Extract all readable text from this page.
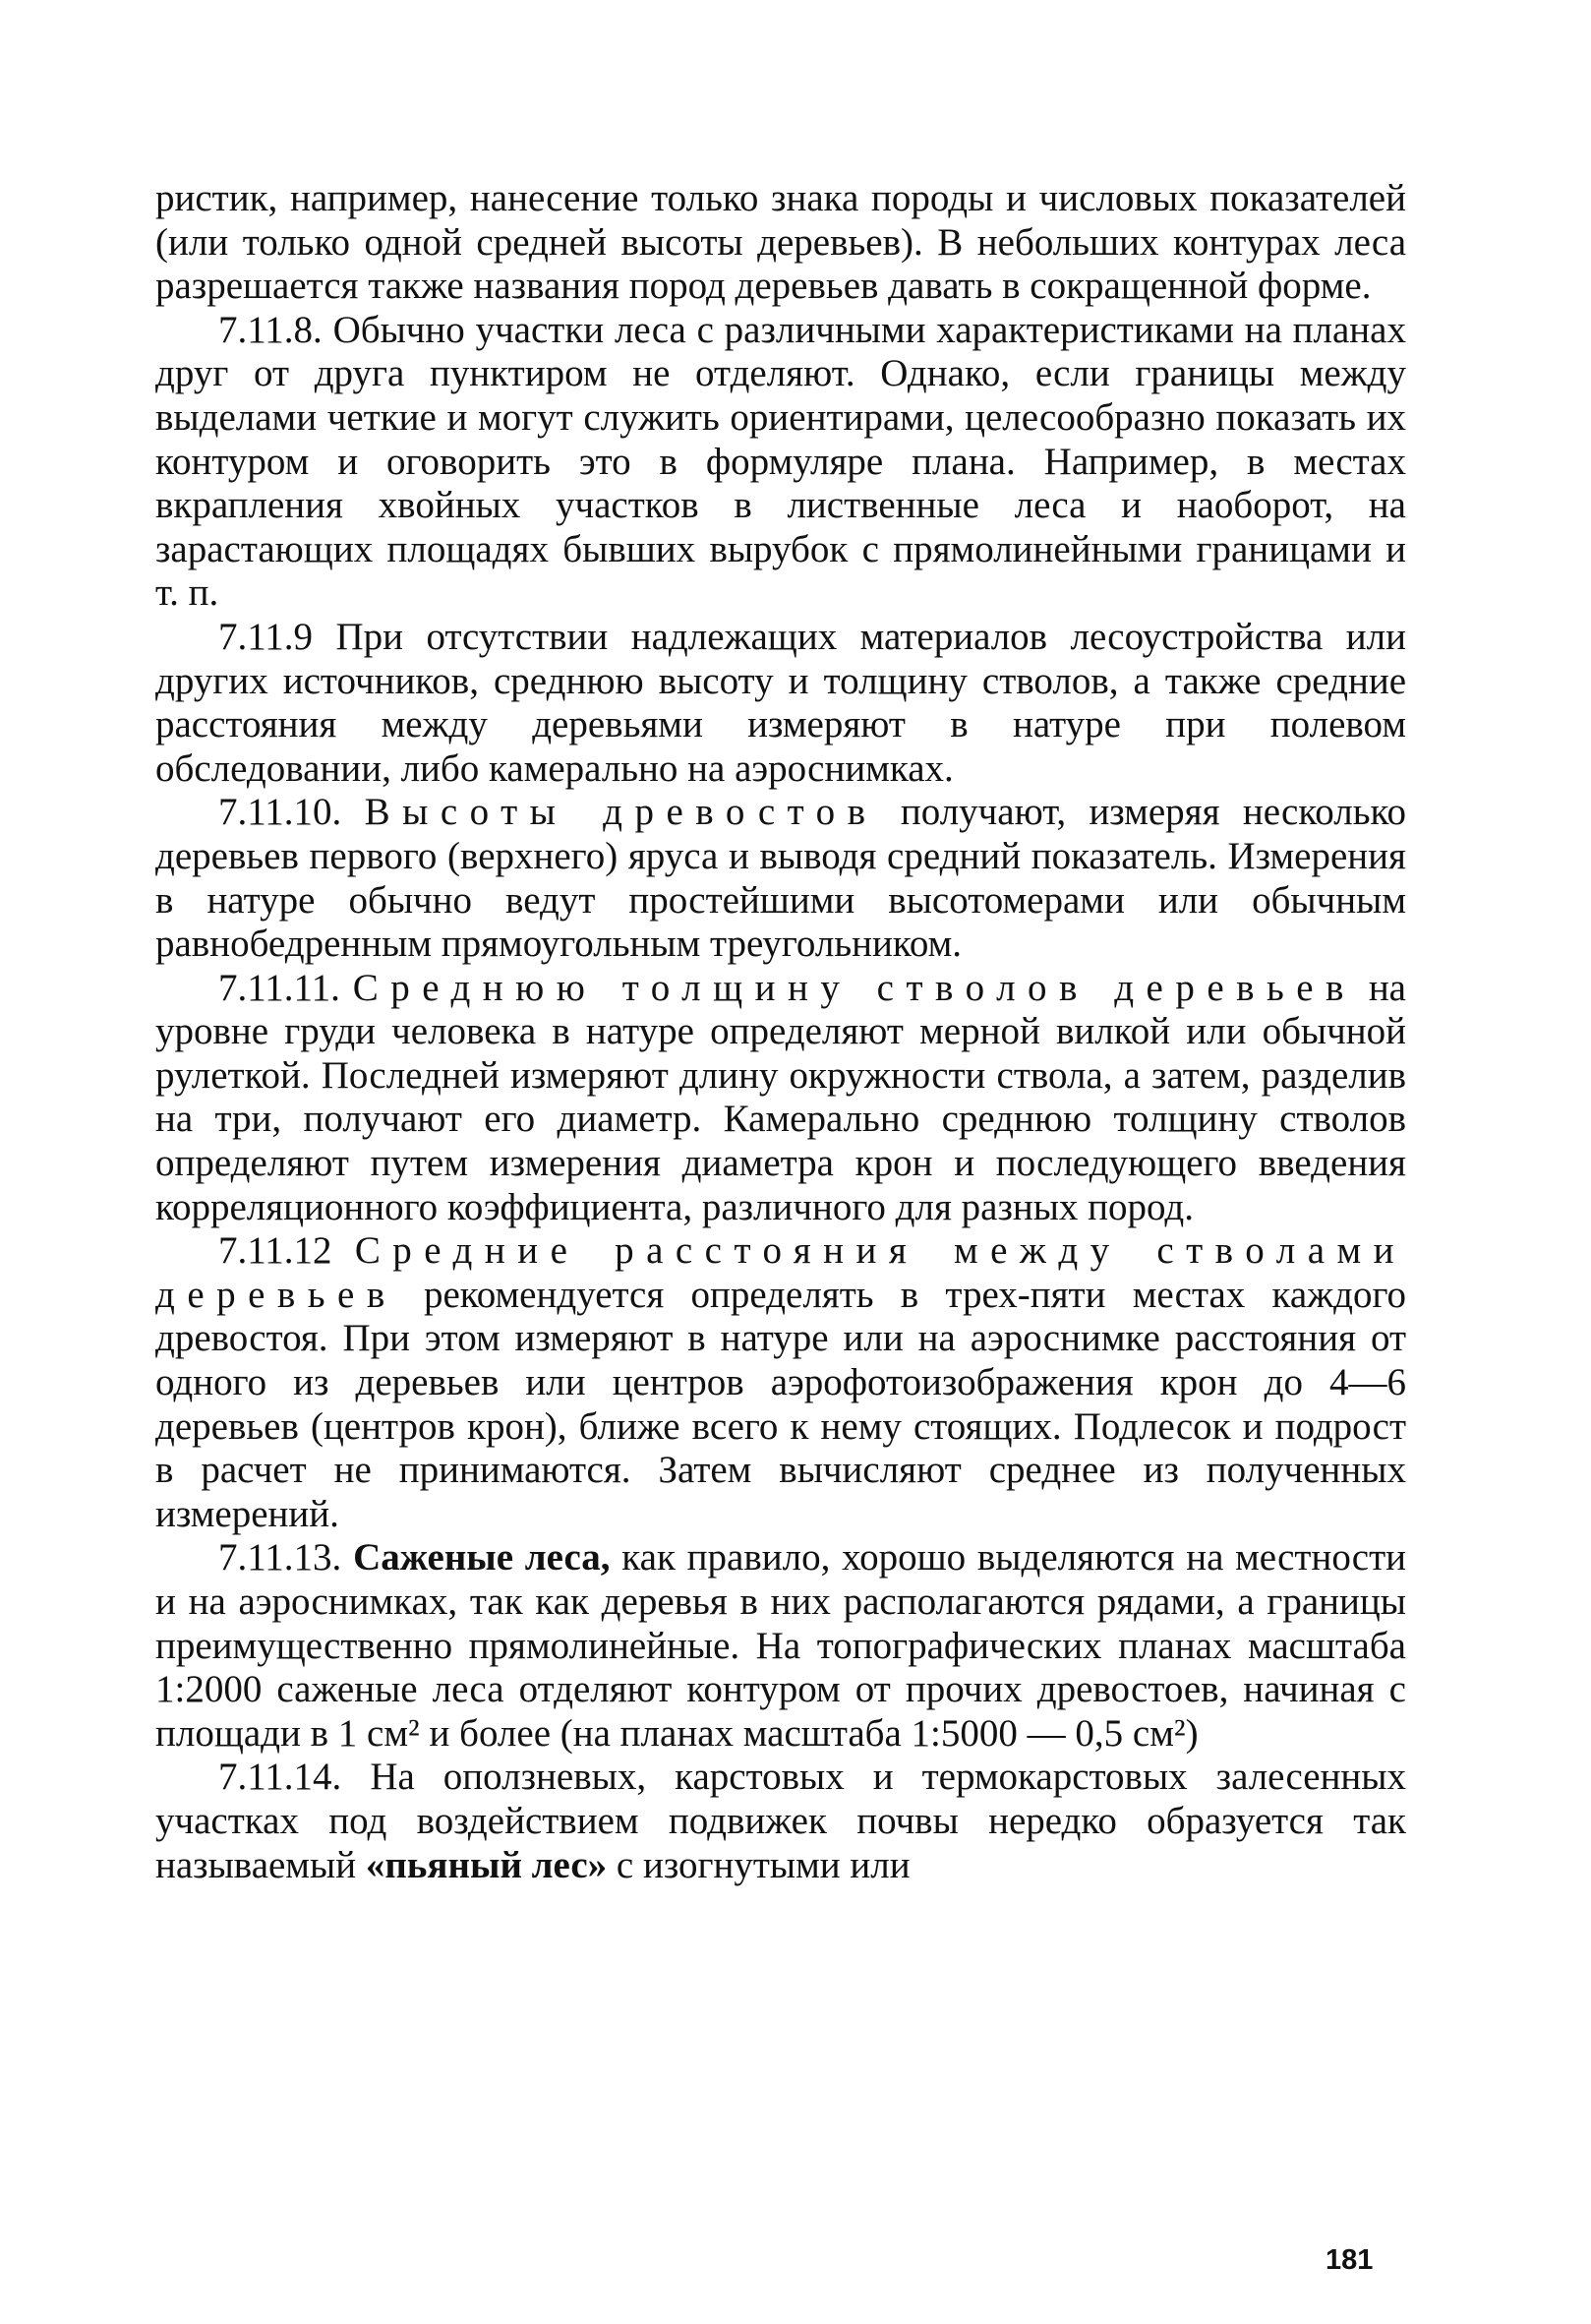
ристик, например, нанесение только знака породы и числовых показателей (или только одной средней высоты деревьев). В небольших контурах леса разрешается также названия пород деревьев давать в сокращенной форме.

7.11.8. Обычно участки леса с различными характеристиками на планах друг от друга пунктиром не отделяют. Однако, если границы между выделами четкие и могут служить ориентирами, целесообразно показать их контуром и оговорить это в формуляре плана. Например, в местах вкрапления хвойных участков в лиственные леса и наоборот, на зарастающих площадях бывших вырубок с прямолинейными границами и т. п.

7.11.9 При отсутствии надлежащих материалов лесоустройства или других источников, среднюю высоту и толщину стволов, а также средние расстояния между деревьями измеряют в натуре при полевом обследовании, либо камерально на аэроснимках.

7.11.10. Высоты древостов получают, измеряя несколько деревьев первого (верхнего) яруса и выводя средний показатель. Измерения в натуре обычно ведут простейшими высотомерами или обычным равнобедренным прямоугольным треугольником.

7.11.11. Среднюю толщину стволов деревьев на уровне груди человека в натуре определяют мерной вилкой или обычной рулеткой. Последней измеряют длину окружности ствола, а затем, разделив на три, получают его диаметр. Камерально среднюю толщину стволов определяют путем измерения диаметра крон и последующего введения корреляционного коэффициента, различного для разных пород.

7.11.12 Средние расстояния между стволами деревьев рекомендуется определять в трех-пяти местах каждого древостоя. При этом измеряют в натуре или на аэроснимке расстояния от одного из деревьев или центров аэрофотоизображения крон до 4—6 деревьев (центров крон), ближе всего к нему стоящих. Подлесок и подрост в расчет не принимаются. Затем вычисляют среднее из полученных измерений.

7.11.13. Саженые леса, как правило, хорошо выделяются на местности и на аэроснимках, так как деревья в них располагаются рядами, а границы преимущественно прямолинейные. На топографических планах масштаба 1:2000 саженые леса отделяют контуром от прочих древостоев, начиная с площади в 1 см² и более (на планах масштаба 1:5000 — 0,5 см²)

7.11.14. На оползневых, карстовых и термокарстовых залесенных участках под воздействием подвижек почвы нередко образуется так называемый «пьяный лес» с изогнутыми или

181
